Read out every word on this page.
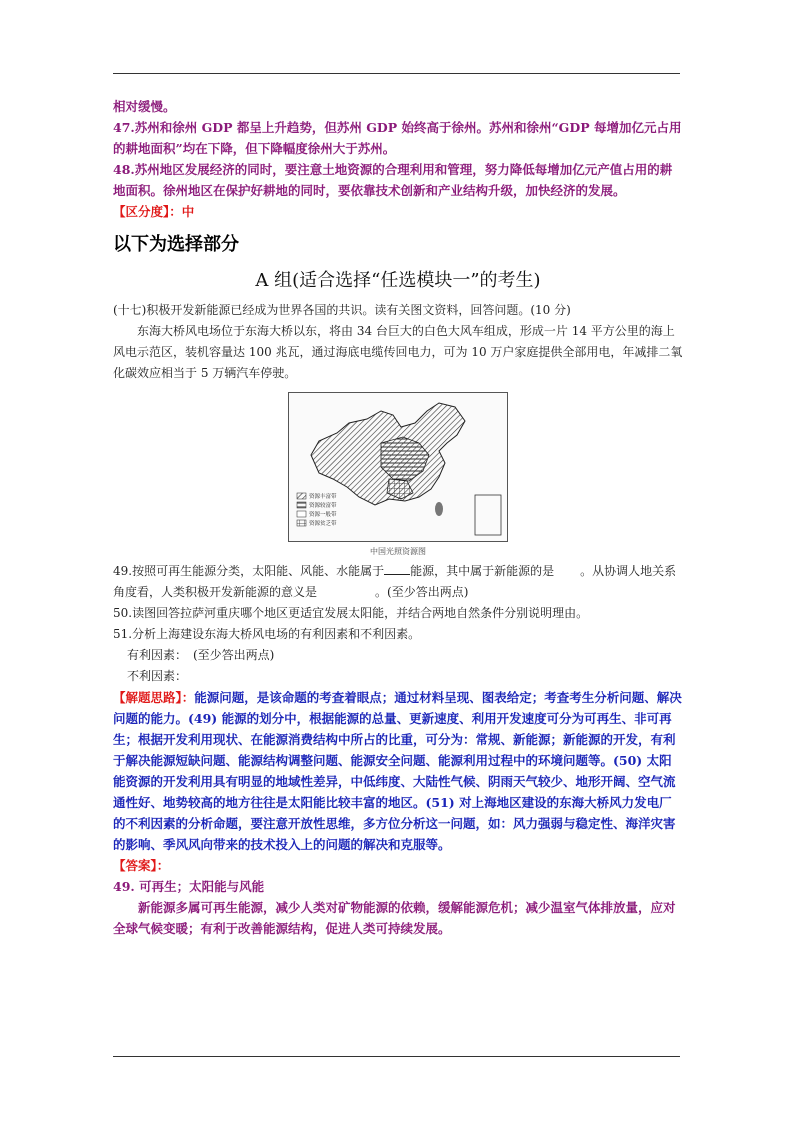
相对缓慢。

47.苏州和徐州 GDP 都呈上升趋势，但苏州 GDP 始终高于徐州。苏州和徐州“GDP 每增加亿元占用的耕地面积”均在下降，但下降幅度徐州大于苏州。

48.苏州地区发展经济的同时，要注意土地资源的合理利用和管理，努力降低每增加亿元产值占用的耕地面积。徐州地区在保护好耕地的同时，要依靠技术创新和产业结构升级，加快经济的发展。

【区分度】：中

以下为选择部分
A 组(适合选择“任选模块一”的考生)

(十七)积极开发新能源已经成为世界各国的共识。读有关图文资料，回答问题。(10 分)

东海大桥风电场位于东海大桥以东，将由 34 台巨大的白色大风车组成，形成一片 14 平方公里的海上风电示范区，装机容量达 100 兆瓦，通过海底电缆传回电力，可为 10 万户家庭提供全部用电，年减排二氧化碳效应相当于 5 万辆汽车停驶。

资源丰富带
资源较富带
资源一般带
资源贫乏带
中国光照资源图

49.按照可再生能源分类，太阳能、风能、水能属于 能源，其中属于新能源的是 。从协调人地关系角度看，人类积极开发新能源的意义是	。(至少答出两点)

50.读图回答拉萨河重庆哪个地区更适宜发展太阳能，并结合两地自然条件分别说明理由。

51.分析上海建设东海大桥风电场的有利因素和不利因素。

有利因素：　(至少答出两点)

不利因素：

【解题思路】：能源问题，是该命题的考查着眼点；通过材料呈现、图表给定；考查考生分析问题、解决问题的能力。(49) 能源的划分中，根据能源的总量、更新速度、利用开发速度可分为可再生、非可再生；根据开发利用现状、在能源消费结构中所占的比重，可分为：常规、新能源；新能源的开发，有利于解决能源短缺问题、能源结构调整问题、能源安全问题、能源利用过程中的环境问题等。(50) 太阳能资源的开发利用具有明显的地域性差异，中低纬度、大陆性气候、阴雨天气较少、地形开阔、空气流通性好、地势较高的地方往往是太阳能比较丰富的地区。(51) 对上海地区建设的东海大桥风力发电厂的不利因素的分析命题，要注意开放性思维，多方位分析这一问题，如：风力强弱与稳定性、海洋灾害的影响、季风风向带来的技术投入上的问题的解决和克服等。

【答案】：

49. 可再生；太阳能与风能

新能源多属可再生能源，减少人类对矿物能源的依赖，缓解能源危机；减少温室气体排放量，应对全球气候变暖；有利于改善能源结构，促进人类可持续发展。
